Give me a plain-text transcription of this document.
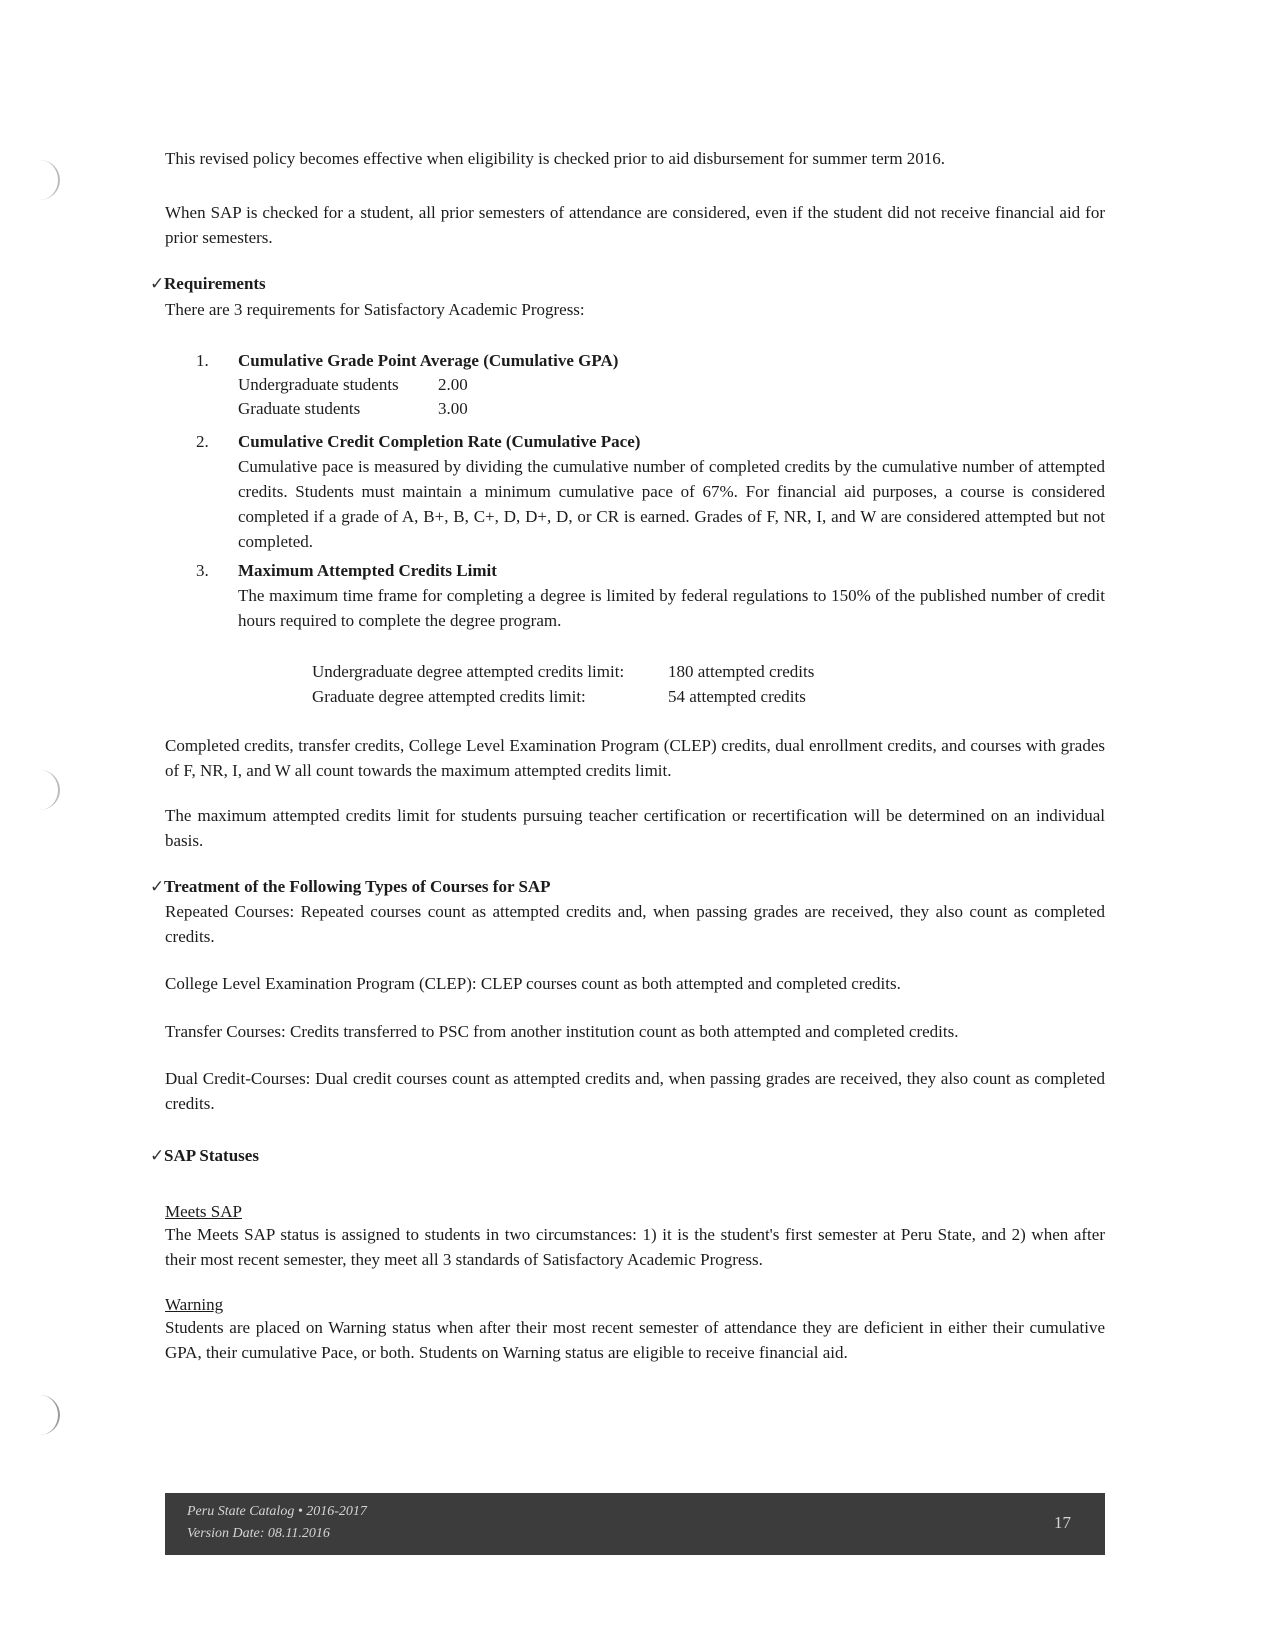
This revised policy becomes effective when eligibility is checked prior to aid disbursement for summer term 2016.

When SAP is checked for a student, all prior semesters of attendance are considered, even if the student did not receive financial aid for prior semesters.

✓Requirements

There are 3 requirements for Satisfactory Academic Progress:

1. Cumulative Grade Point Average (Cumulative GPA)
Undergraduate students 2.00
Graduate students	3.00
2. Cumulative Credit Completion Rate (Cumulative Pace)
Cumulative pace is measured by dividing the cumulative number of completed credits by the cumulative number of attempted credits. Students must maintain a minimum cumulative pace of 67%. For financial aid purposes, a course is considered completed if a grade of A, B+, B, C+, D, D+, D, or CR is earned. Grades of F, NR, I, and W are considered attempted but not completed.
3. Maximum Attempted Credits Limit
The maximum time frame for completing a degree is limited by federal regulations to 150% of the published number of credit hours required to complete the degree program.
Undergraduate degree attempted credits limit:	180 attempted credits
Graduate degree attempted credits limit:	54 attempted credits

Completed credits, transfer credits, College Level Examination Program (CLEP) credits, dual enrollment credits, and courses with grades of F, NR, I, and W all count towards the maximum attempted credits limit.

The maximum attempted credits limit for students pursuing teacher certification or recertification will be determined on an individual basis.

✓Treatment of the Following Types of Courses for SAP

Repeated Courses: Repeated courses count as attempted credits and, when passing grades are received, they also count as completed credits.

College Level Examination Program (CLEP): CLEP courses count as both attempted and completed credits.

Transfer Courses: Credits transferred to PSC from another institution count as both attempted and completed credits.

Dual Credit-Courses: Dual credit courses count as attempted credits and, when passing grades are received, they also count as completed credits.

✓SAP Statuses
Meets SAP

The Meets SAP status is assigned to students in two circumstances: 1) it is the student's first semester at Peru State, and 2) when after their most recent semester, they meet all 3 standards of Satisfactory Academic Progress.

Warning

Students are placed on Warning status when after their most recent semester of attendance they are deficient in either their cumulative GPA, their cumulative Pace, or both. Students on Warning status are eligible to receive financial aid.

Peru State Catalog • 2016-2017
Version Date: 08.11.2016
17
